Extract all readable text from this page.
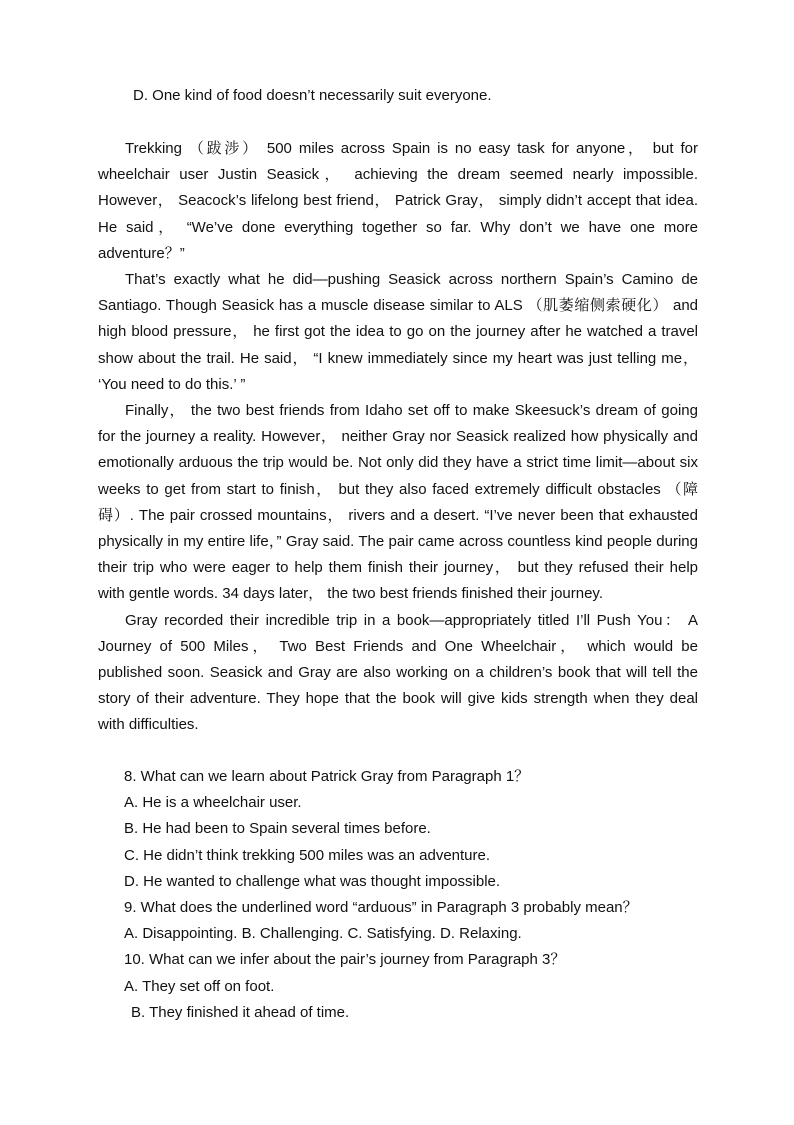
D. One kind of food doesn’t necessarily suit everyone.

Trekking （跋涉） 500 miles across Spain is no easy task for anyone， but for wheelchair user Justin Seasick， achieving the dream seemed nearly impossible. However， Seacock’s lifelong best friend， Patrick Gray， simply didn’t accept that idea. He said， “We’ve done everything together so far. Why don’t we have one more adventure？”

That’s exactly what he did—pushing Seasick across northern Spain’s Camino de Santiago. Though Seasick has a muscle disease similar to ALS （肌萎缩侧索硬化） and high blood pressure， he first got the idea to go on the journey after he watched a travel show about the trail. He said， “I knew immediately since my heart was just telling me， ‘You need to do this.’ ”

Finally， the two best friends from Idaho set off to make Skeesuck’s dream of going for the journey a reality. However， neither Gray nor Seasick realized how physically and emotionally arduous the trip would be. Not only did they have a strict time limit—about six weeks to get from start to finish， but they also faced extremely difficult obstacles （障碍）. The pair crossed mountains， rivers and a desert. “I’ve never been that exhausted physically in my entire life，” Gray said. The pair came across countless kind people during their trip who were eager to help them finish their journey， but they refused their help with gentle words. 34 days later， the two best friends finished their journey.

Gray recorded their incredible trip in a book—appropriately titled I’ll Push You： A Journey of 500 Miles， Two Best Friends and One Wheelchair， which would be published soon. Seasick and Gray are also working on a children’s book that will tell the story of their adventure. They hope that the book will give kids strength when they deal with difficulties.

8. What can we learn about Patrick Gray from Paragraph 1？
A. He is a wheelchair user.
B. He had been to Spain several times before.
C. He didn’t think trekking 500 miles was an adventure.
D. He wanted to challenge what was thought impossible.
9. What does the underlined word “arduous” in Paragraph 3 probably mean？
A. Disappointing. B. Challenging. C. Satisfying. D. Relaxing.
10. What can we infer about the pair’s journey from Paragraph 3？
A. They set off on foot.
B. They finished it ahead of time.
